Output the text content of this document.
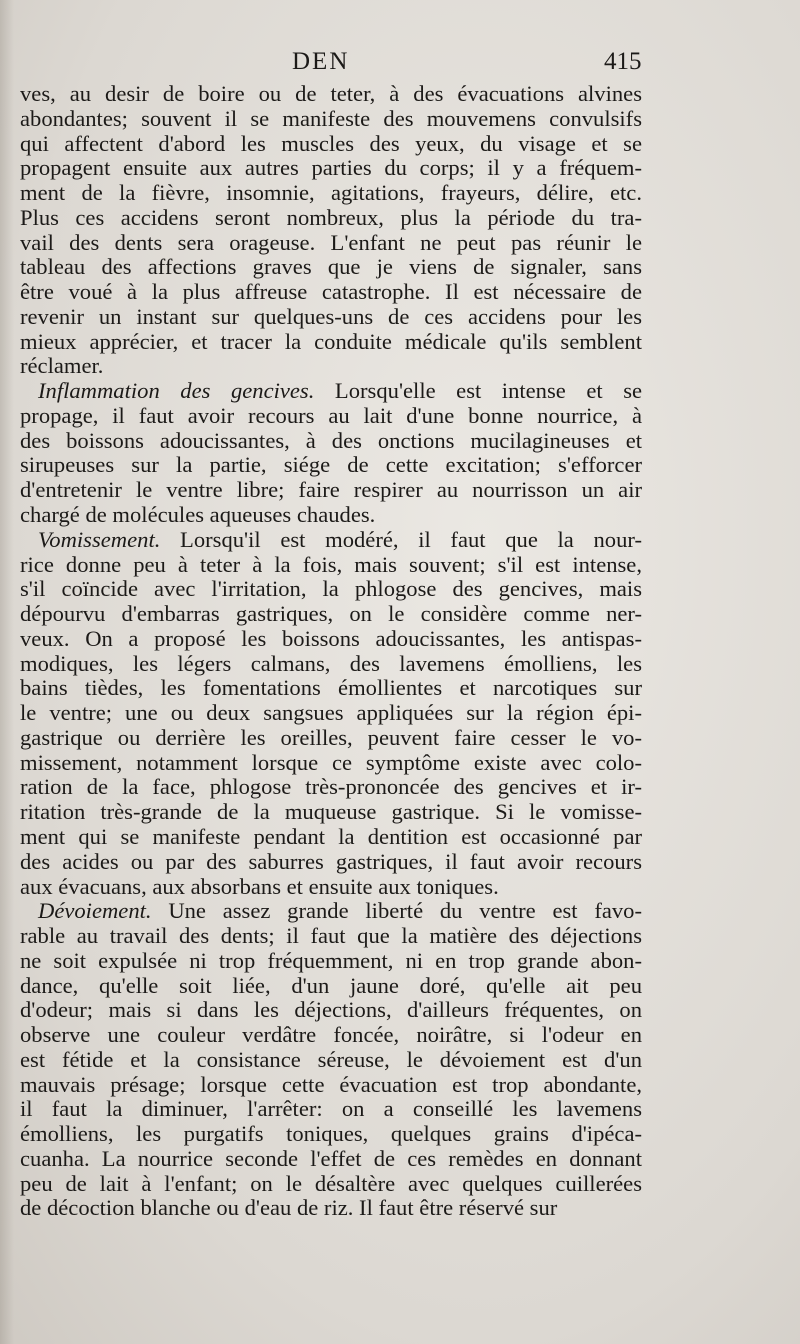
DEN	415
ves, au desir de boire ou de teter, à des évacuations alvines
abondantes; souvent il se manifeste des mouvemens convulsifs
qui affectent d'abord les muscles des yeux, du visage et se
propagent ensuite aux autres parties du corps; il y a fréquem-
ment de la fièvre, insomnie, agitations, frayeurs, délire, etc.
Plus ces accidens seront nombreux, plus la période du tra-
vail des dents sera orageuse. L'enfant ne peut pas réunir le
tableau des affections graves que je viens de signaler, sans
être voué à la plus affreuse catastrophe. Il est nécessaire de
revenir un instant sur quelques-uns de ces accidens pour les
mieux apprécier, et tracer la conduite médicale qu'ils semblent
réclamer.
Inflammation des gencives. Lorsqu'elle est intense et se
propage, il faut avoir recours au lait d'une bonne nourrice, à
des boissons adoucissantes, à des onctions mucilagineuses et
sirupeuses sur la partie, siége de cette excitation; s'efforcer
d'entretenir le ventre libre; faire respirer au nourrisson un air
chargé de molécules aqueuses chaudes.
Vomissement. Lorsqu'il est modéré, il faut que la nour-
rice donne peu à teter à la fois, mais souvent; s'il est intense,
s'il coïncide avec l'irritation, la phlogose des gencives, mais
dépourvu d'embarras gastriques, on le considère comme ner-
veux. On a proposé les boissons adoucissantes, les antispas-
modiques, les légers calmans, des lavemens émolliens, les
bains tièdes, les fomentations émollientes et narcotiques sur
le ventre; une ou deux sangsues appliquées sur la région épi-
gastrique ou derrière les oreilles, peuvent faire cesser le vo-
missement, notamment lorsque ce symptôme existe avec colo-
ration de la face, phlogose très-prononcée des gencives et ir-
ritation très-grande de la muqueuse gastrique. Si le vomisse-
ment qui se manifeste pendant la dentition est occasionné par
des acides ou par des saburres gastriques, il faut avoir recours
aux évacuans, aux absorbans et ensuite aux toniques.
Dévoiement. Une assez grande liberté du ventre est favo-
rable au travail des dents; il faut que la matière des déjections
ne soit expulsée ni trop fréquemment, ni en trop grande abon-
dance, qu'elle soit liée, d'un jaune doré, qu'elle ait peu
d'odeur; mais si dans les déjections, d'ailleurs fréquentes, on
observe une couleur verdâtre foncée, noirâtre, si l'odeur en
est fétide et la consistance séreuse, le dévoiement est d'un
mauvais présage; lorsque cette évacuation est trop abondante,
il faut la diminuer, l'arrêter: on a conseillé les lavemens
émolliens, les purgatifs toniques, quelques grains d'ipéca-
cuanha. La nourrice seconde l'effet de ces remèdes en donnant
peu de lait à l'enfant; on le désaltère avec quelques cuillerées
de décoction blanche ou d'eau de riz. Il faut être réservé sur
